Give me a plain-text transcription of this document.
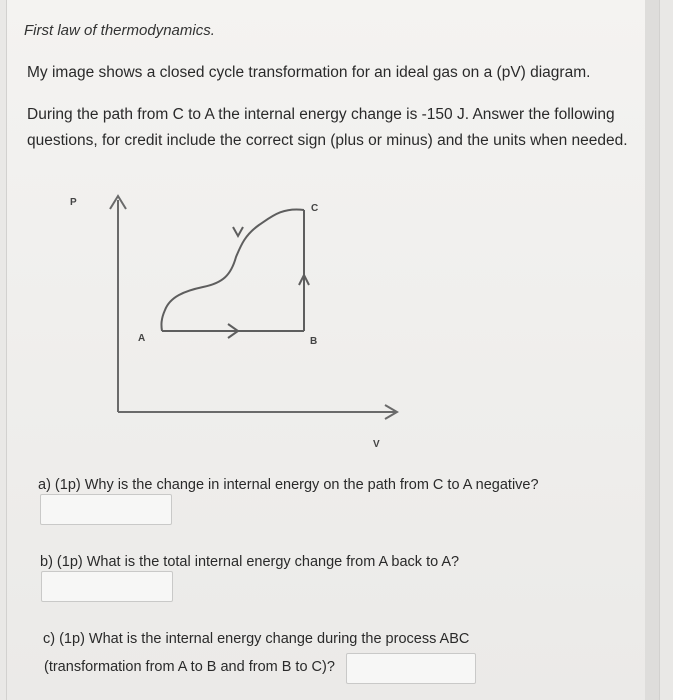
First law of thermodynamics.
My image shows a closed cycle transformation for an ideal gas on a (pV) diagram.
During the path from C to A the internal energy change is -150 J. Answer the following questions, for credit include the correct sign (plus or minus) and the units when needed.
P
V
A	B
C
a) (1p) Why is the change in internal energy on the path from C to A negative?
b) (1p) What is the total internal energy change from A back to A?
c) (1p) What is the internal energy change during the process ABC
(transformation from A to B and from B to C)?
